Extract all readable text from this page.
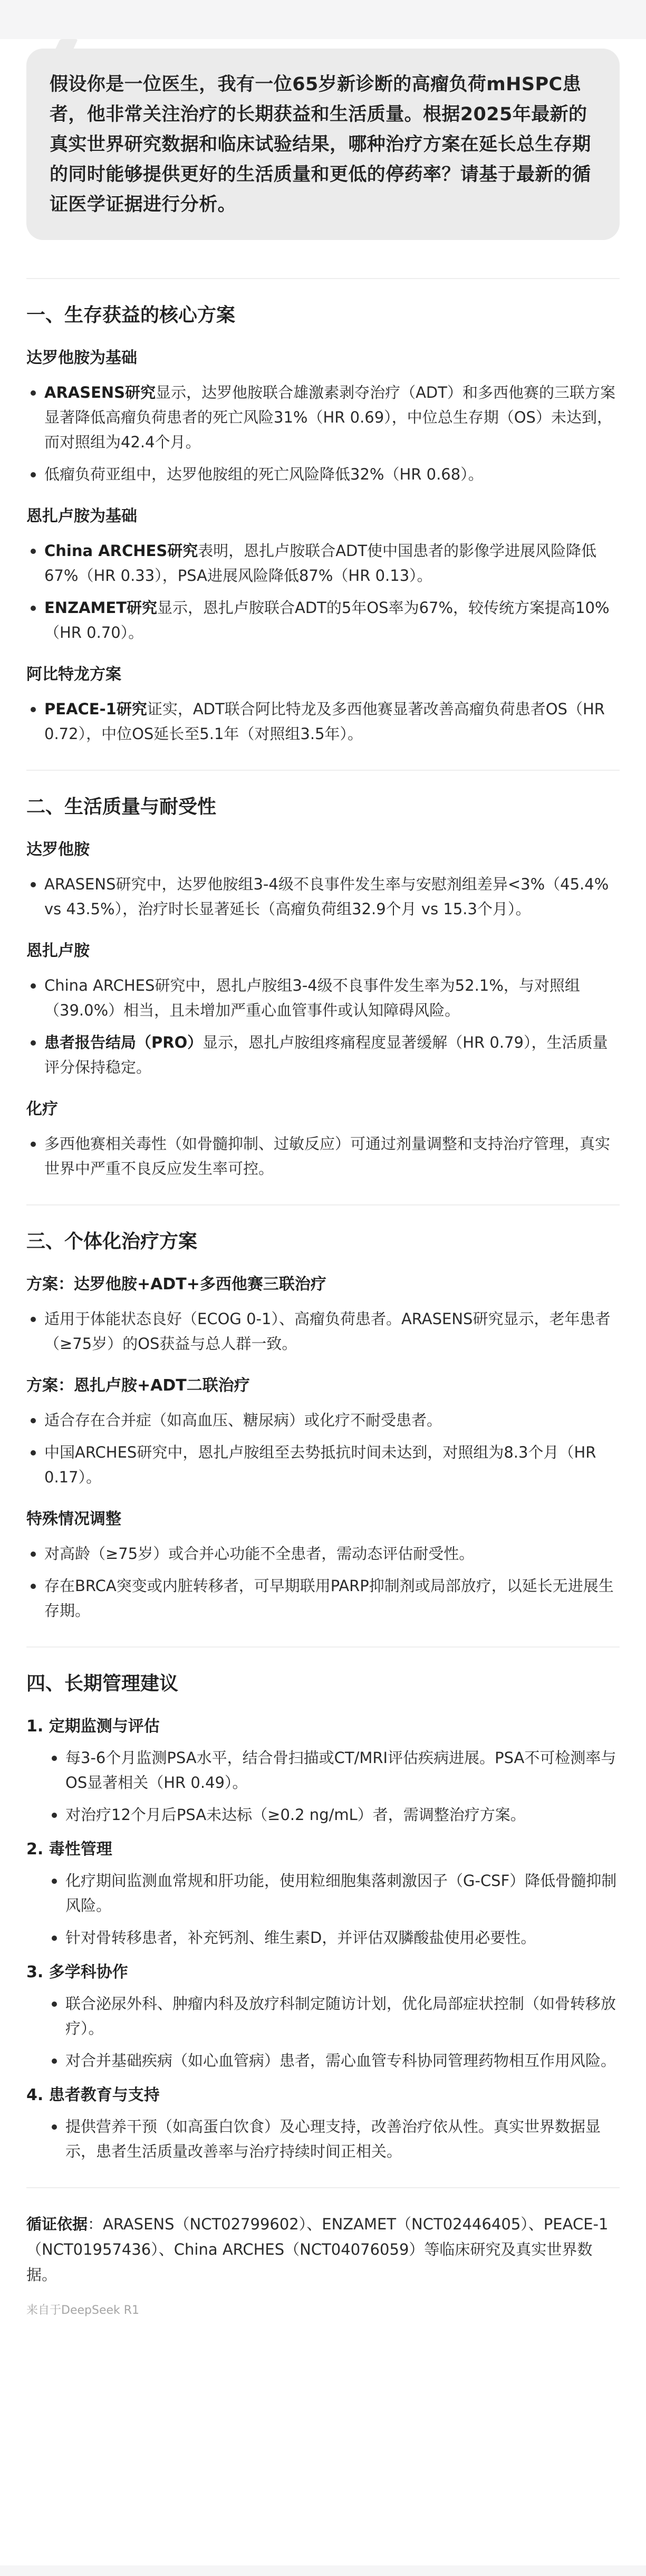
假设你是一位医生，我有一位65岁新诊断的高瘤负荷mHSPC患者，他非常关注治疗的长期获益和生活质量。根据2025年最新的真实世界研究数据和临床试验结果，哪种治疗方案在延长总生存期的同时能够提供更好的生活质量和更低的停药率？请基于最新的循证医学证据进行分析。
一、生存获益的核心方案
达罗他胺为基础
ARASENS研究显示，达罗他胺联合雄激素剥夺治疗（ADT）和多西他赛的三联方案显著降低高瘤负荷患者的死亡风险31%（HR 0.69），中位总生存期（OS）未达到，而对照组为42.4个月。
低瘤负荷亚组中，达罗他胺组的死亡风险降低32%（HR 0.68）。
恩扎卢胺为基础
China ARCHES研究表明，恩扎卢胺联合ADT使中国患者的影像学进展风险降低67%（HR 0.33），PSA进展风险降低87%（HR 0.13）。
ENZAMET研究显示，恩扎卢胺联合ADT的5年OS率为67%，较传统方案提高10%（HR 0.70）。
阿比特龙方案
PEACE-1研究证实，ADT联合阿比特龙及多西他赛显著改善高瘤负荷患者OS（HR 0.72），中位OS延长至5.1年（对照组3.5年）。
二、生活质量与耐受性
达罗他胺
ARASENS研究中，达罗他胺组3-4级不良事件发生率与安慰剂组差异<3%（45.4% vs 43.5%），治疗时长显著延长（高瘤负荷组32.9个月 vs 15.3个月）。
恩扎卢胺
China ARCHES研究中，恩扎卢胺组3-4级不良事件发生率为52.1%，与对照组（39.0%）相当，且未增加严重心血管事件或认知障碍风险。
患者报告结局（PRO）显示，恩扎卢胺组疼痛程度显著缓解（HR 0.79），生活质量评分保持稳定。
化疗
多西他赛相关毒性（如骨髓抑制、过敏反应）可通过剂量调整和支持治疗管理，真实世界中严重不良反应发生率可控。
三、个体化治疗方案
方案：达罗他胺+ADT+多西他赛三联治疗
适用于体能状态良好（ECOG 0-1）、高瘤负荷患者。ARASENS研究显示，老年患者（≥75岁）的OS获益与总人群一致。
方案：恩扎卢胺+ADT二联治疗
适合存在合并症（如高血压、糖尿病）或化疗不耐受患者。
中国ARCHES研究中，恩扎卢胺组至去势抵抗时间未达到，对照组为8.3个月（HR 0.17）。
特殊情况调整
对高龄（≥75岁）或合并心功能不全患者，需动态评估耐受性。
存在BRCA突变或内脏转移者，可早期联用PARP抑制剂或局部放疗，以延长无进展生存期。
四、长期管理建议
1. 定期监测与评估
每3-6个月监测PSA水平，结合骨扫描或CT/MRI评估疾病进展。PSA不可检测率与OS显著相关（HR 0.49）。
对治疗12个月后PSA未达标（≥0.2 ng/mL）者，需调整治疗方案。
2. 毒性管理
化疗期间监测血常规和肝功能，使用粒细胞集落刺激因子（G-CSF）降低骨髓抑制风险。
针对骨转移患者，补充钙剂、维生素D，并评估双膦酸盐使用必要性。
3. 多学科协作
联合泌尿外科、肿瘤内科及放疗科制定随访计划，优化局部症状控制（如骨转移放疗）。
对合并基础疾病（如心血管病）患者，需心血管专科协同管理药物相互作用风险。
4. 患者教育与支持
提供营养干预（如高蛋白饮食）及心理支持，改善治疗依从性。真实世界数据显示，患者生活质量改善率与治疗持续时间正相关。

循证依据：ARASENS（NCT02799602）、ENZAMET（NCT02446405）、PEACE-1（NCT01957436）、China ARCHES（NCT04076059）等临床研究及真实世界数据。

来自于DeepSeek R1
